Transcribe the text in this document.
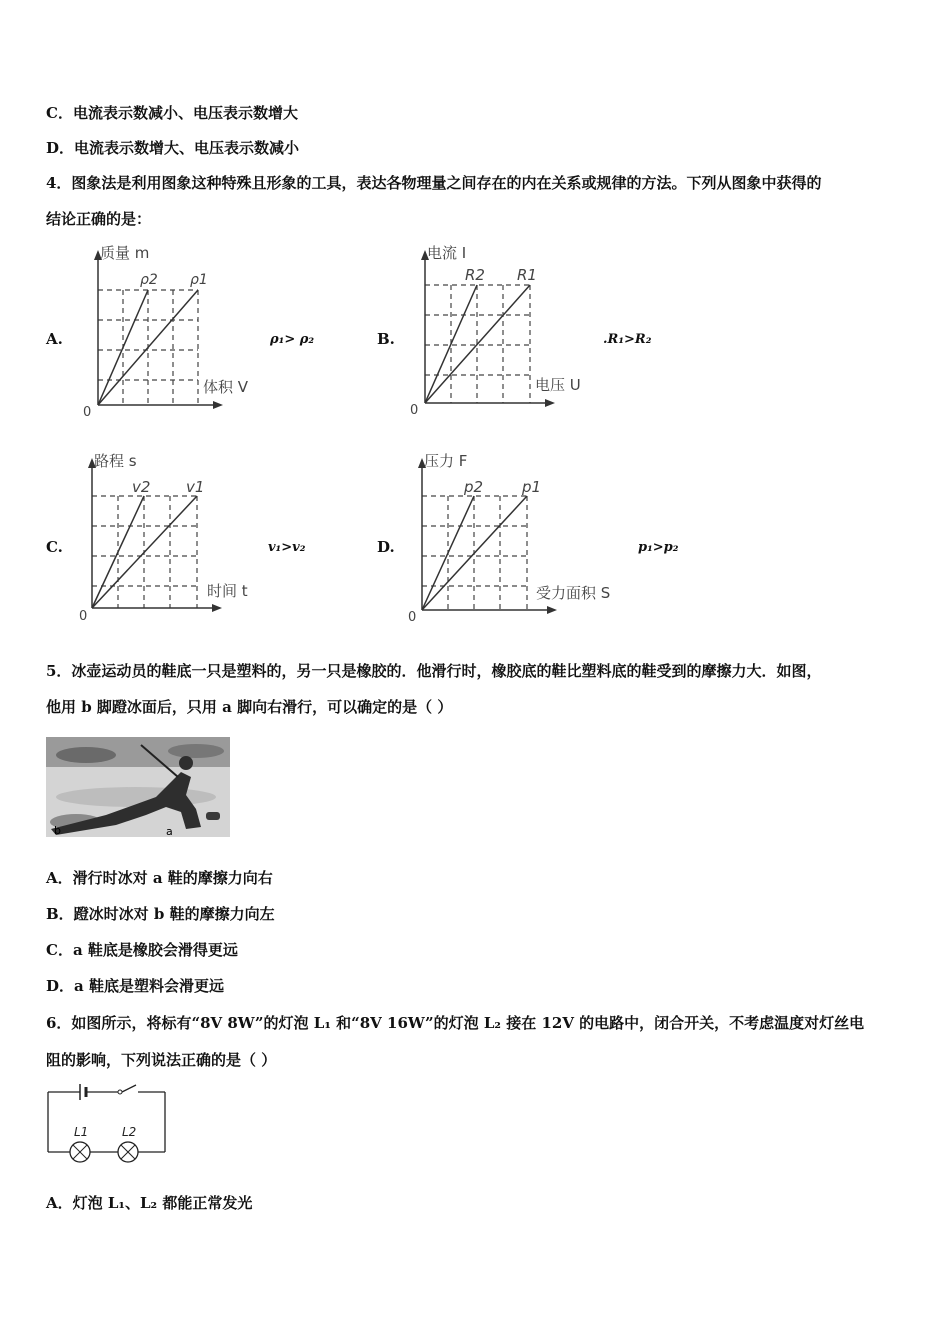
C．电流表示数减小、电压表示数增大
D．电流表示数增大、电压表示数减小
4．图象法是利用图象这种特殊且形象的工具，表达各物理量之间存在的内在关系或规律的方法。下列从图象中获得的
结论正确的是：
A.	B.
C.	D.
ρ₁> ρ₂	.R₁>R₂
v₁>v₂	p₁>p₂
质量 m
体积 V
ρ2 ρ1
0
电流 I
电压 U
R2 R1
0
路程 s
时间 t
v2 v1
0
压力 F
受力面积 S
p2	p1
0
5．冰壶运动员的鞋底一只是塑料的，另一只是橡胶的．他滑行时，橡胶底的鞋比塑料底的鞋受到的摩擦力大．如图，
他用 b 脚蹬冰面后，只用 a 脚向右滑行，可以确定的是（ ）
b	a
A．滑行时冰对 a 鞋的摩擦力向右
B．蹬冰时冰对 b 鞋的摩擦力向左
C．a 鞋底是橡胶会滑得更远
D．a 鞋底是塑料会滑更远
6．如图所示，将标有“8V 8W”的灯泡 L₁ 和“8V 16W”的灯泡 L₂ 接在 12V 的电路中，闭合开关，不考虑温度对灯丝电
阻的影响，下列说法正确的是（ ）
L1	L2
A．灯泡 L₁、L₂ 都能正常发光
